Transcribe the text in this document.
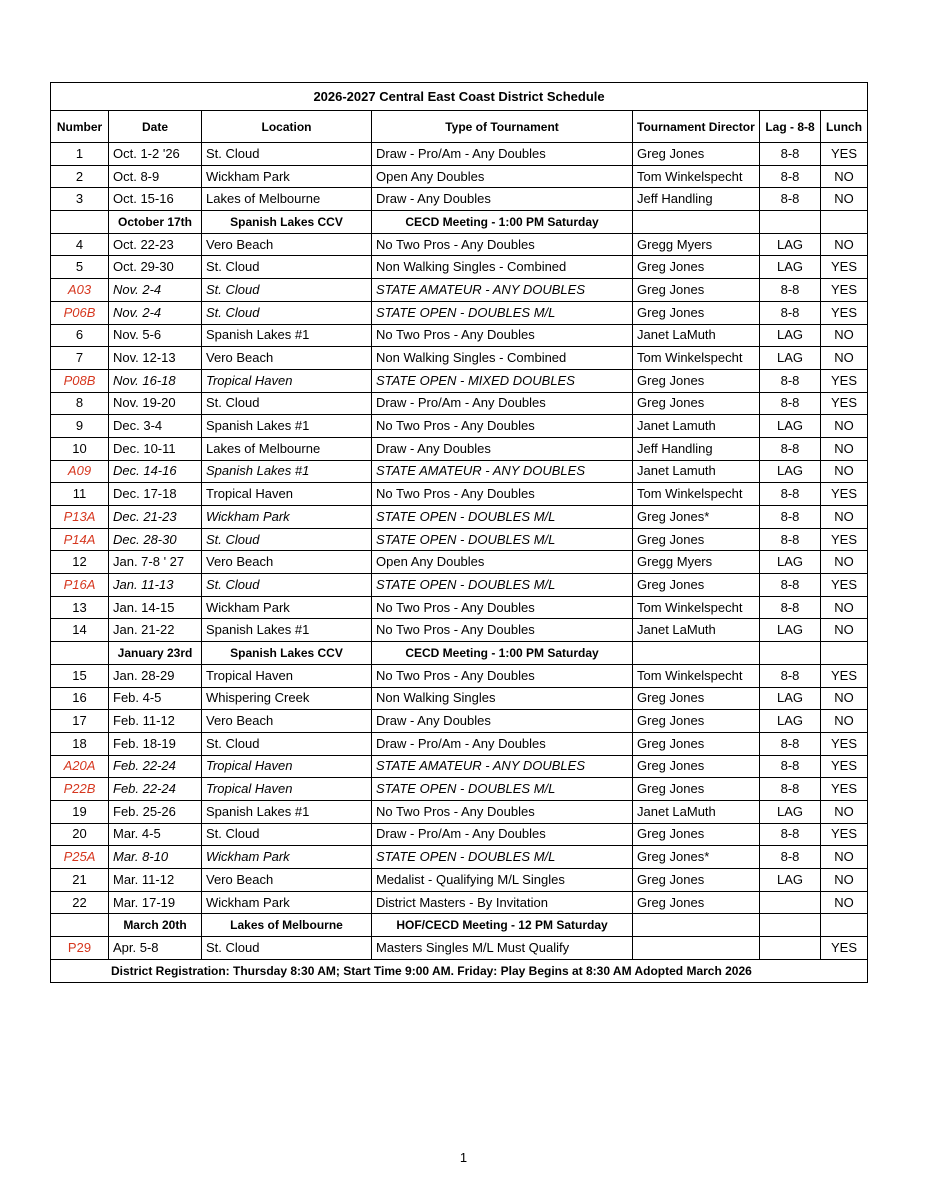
2026-2027 Central East Coast District Schedule						
Number	Date	Location	Type of Tournament	Tournament Director	Lag - 8-8	Lunch
1	Oct. 1-2 '26	St. Cloud	Draw - Pro/Am - Any Doubles	Greg Jones	8-8	YES
2	Oct. 8-9	Wickham Park	Open Any Doubles	Tom Winkelspecht	8-8	NO
3	Oct. 15-16	Lakes of Melbourne	Draw - Any Doubles	Jeff Handling	8-8	NO
	October 17th	Spanish Lakes CCV	CECD Meeting - 1:00 PM Saturday			
4	Oct. 22-23	Vero Beach	No Two Pros - Any Doubles	Gregg Myers	LAG	NO
5	Oct. 29-30	St. Cloud	Non Walking Singles - Combined	Greg Jones	LAG	YES
A03	Nov. 2-4	St. Cloud	STATE AMATEUR - ANY DOUBLES	Greg Jones	8-8	YES
P06B	Nov. 2-4	St. Cloud	STATE OPEN - DOUBLES M/L	Greg Jones	8-8	YES
6	Nov. 5-6	Spanish Lakes #1	No Two Pros - Any Doubles	Janet LaMuth	LAG	NO
7	Nov. 12-13	Vero Beach	Non Walking Singles - Combined	Tom Winkelspecht	LAG	NO
P08B	Nov. 16-18	Tropical Haven	STATE OPEN - MIXED DOUBLES	Greg Jones	8-8	YES
8	Nov. 19-20	St. Cloud	Draw - Pro/Am - Any Doubles	Greg Jones	8-8	YES
9	Dec. 3-4	Spanish Lakes #1	No Two Pros - Any Doubles	Janet Lamuth	LAG	NO
10	Dec. 10-11	Lakes of Melbourne	Draw - Any Doubles	Jeff Handling	8-8	NO
A09	Dec. 14-16	Spanish Lakes #1	STATE AMATEUR - ANY DOUBLES	Janet Lamuth	LAG	NO
11	Dec. 17-18	Tropical Haven	No Two Pros - Any Doubles	Tom Winkelspecht	8-8	YES
P13A	Dec. 21-23	Wickham Park	STATE OPEN - DOUBLES M/L	Greg Jones*	8-8	NO
P14A	Dec. 28-30	St. Cloud	STATE OPEN - DOUBLES M/L	Greg Jones	8-8	YES
12	Jan. 7-8 ' 27	Vero Beach	Open Any Doubles	Gregg Myers	LAG	NO
P16A	Jan. 11-13	St. Cloud	STATE OPEN - DOUBLES M/L	Greg Jones	8-8	YES
13	Jan. 14-15	Wickham Park	No Two Pros - Any Doubles	Tom Winkelspecht	8-8	NO
14	Jan. 21-22	Spanish Lakes #1	No Two Pros - Any Doubles	Janet LaMuth	LAG	NO
	January 23rd	Spanish Lakes CCV	CECD Meeting - 1:00 PM Saturday			
15	Jan. 28-29	Tropical Haven	No Two Pros - Any Doubles	Tom Winkelspecht	8-8	YES
16	Feb. 4-5	Whispering Creek	Non Walking Singles	Greg Jones	LAG	NO
17	Feb. 11-12	Vero Beach	Draw - Any Doubles	Greg Jones	LAG	NO
18	Feb. 18-19	St. Cloud	Draw - Pro/Am - Any Doubles	Greg Jones	8-8	YES
A20A	Feb. 22-24	Tropical Haven	STATE AMATEUR - ANY DOUBLES	Greg Jones	8-8	YES
P22B	Feb. 22-24	Tropical Haven	STATE OPEN - DOUBLES M/L	Greg Jones	8-8	YES
19	Feb. 25-26	Spanish Lakes #1	No Two Pros - Any Doubles	Janet LaMuth	LAG	NO
20	Mar. 4-5	St. Cloud	Draw - Pro/Am - Any Doubles	Greg Jones	8-8	YES
P25A	Mar. 8-10	Wickham Park	STATE OPEN - DOUBLES M/L	Greg Jones*	8-8	NO
21	Mar. 11-12	Vero Beach	Medalist - Qualifying M/L Singles	Greg Jones	LAG	NO
22	Mar. 17-19	Wickham Park	District Masters - By Invitation	Greg Jones		NO
	March 20th	Lakes of Melbourne	HOF/CECD Meeting - 12 PM Saturday			
P29	Apr. 5-8	St. Cloud	Masters Singles M/L Must Qualify			YES
District Registration: Thursday 8:30 AM; Start Time 9:00 AM. Friday: Play Begins at 8:30 AM Adopted March 2026						
1
